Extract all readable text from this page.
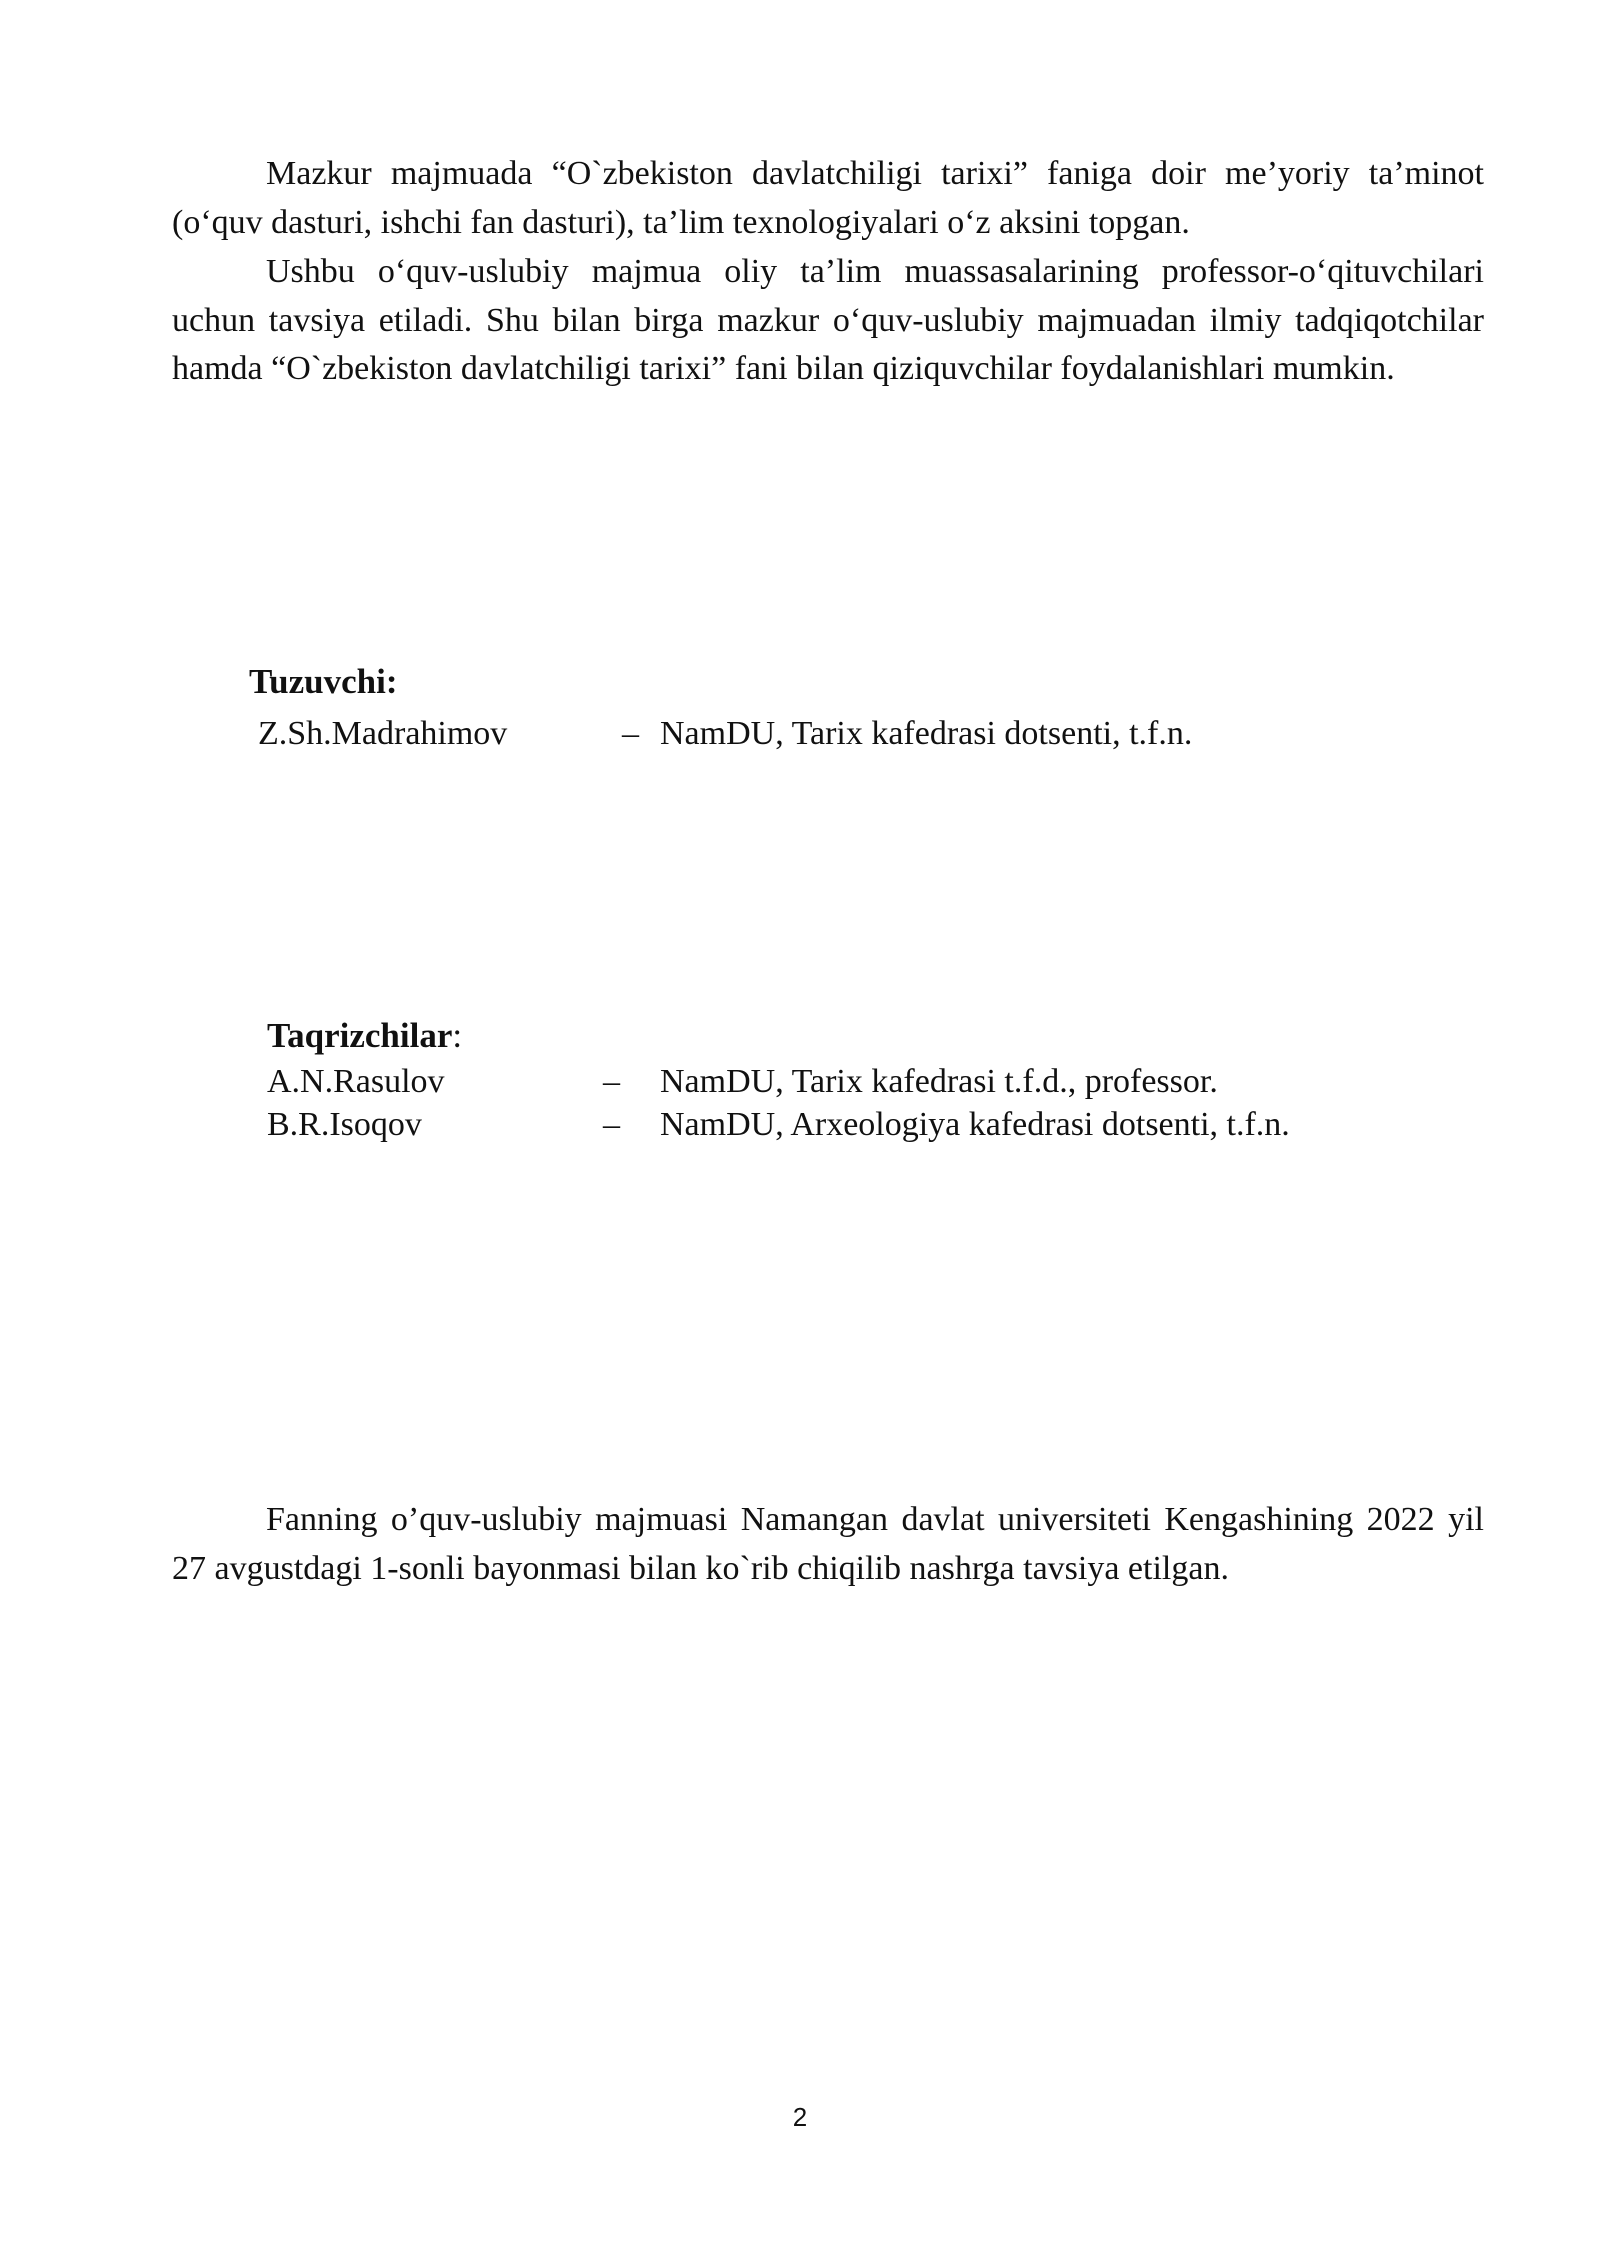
Mazkur majmuada “O`zbekiston davlatchiligi tarixi” faniga doir me’yoriy ta’minot (o‘quv dasturi, ishchi fan dasturi), ta’lim texnologiyalari o‘z aksini topgan.

Ushbu o‘quv-uslubiy majmua oliy ta’lim muassasalarining professor-o‘qituvchilari uchun tavsiya etiladi. Shu bilan birga mazkur o‘quv-uslubiy majmuadan ilmiy tadqiqotchilar hamda “O`zbekiston davlatchiligi tarixi” fani bilan qiziquvchilar foydalanishlari mumkin.

Tuzuvchi:

Z.Sh.Madrahimov	– NamDU, Tarix kafedrasi dotsenti, t.f.n.

Taqrizchilar:

A.N.Rasulov	– NamDU, Tarix kafedrasi t.f.d., professor.
B.R.Isoqov	– NamDU, Arxeologiya kafedrasi dotsenti, t.f.n.

Fanning o’quv-uslubiy majmuasi Namangan davlat universiteti Kengashining 2022 yil 27 avgustdagi 1-sonli bayonmasi bilan ko`rib chiqilib nashrga tavsiya etilgan.

2
